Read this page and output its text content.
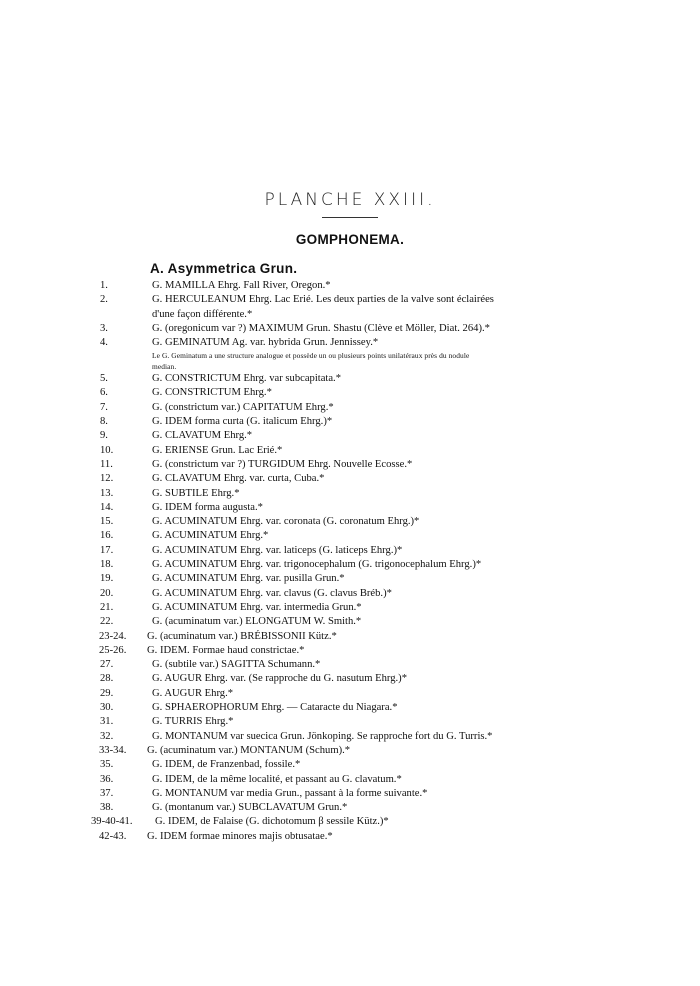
PLANCHE XXIII.
GOMPHONEMA.
A. Asymmetrica Grun.
1.	G. MAMILLA Ehrg. Fall River, Oregon.*
2.	G. HERCULEANUM Ehrg. Lac Erié. Les deux parties de la valve sont éclairées
d'une façon différente.*
3.	G. (oregonicum var ?) MAXIMUM Grun. Shastu (Clève et Möller, Diat. 264).*
4.	G. GEMINATUM Ag. var. hybrida Grun. Jennissey.*
Le G. Geminatum a une structure analogue et possède un ou plusieurs points unilatéraux près du nodule
median.
5.	G. CONSTRICTUM Ehrg. var subcapitata.*
6.	G. CONSTRICTUM Ehrg.*
7.	G. (constrictum var.) CAPITATUM Ehrg.*
8.	G. IDEM forma curta (G. italicum Ehrg.)*
9.	G. CLAVATUM Ehrg.*
10.	G. ERIENSE Grun. Lac Erié.*
11.	G. (constrictum var ?) TURGIDUM Ehrg. Nouvelle Ecosse.*
12.	G. CLAVATUM Ehrg. var. curta, Cuba.*
13.	G. SUBTILE Ehrg.*
14.	G. IDEM forma augusta.*
15.	G. ACUMINATUM Ehrg. var. coronata (G. coronatum Ehrg.)*
16.	G. ACUMINATUM Ehrg.*
17.	G. ACUMINATUM Ehrg. var. laticeps (G. laticeps Ehrg.)*
18.	G. ACUMINATUM Ehrg. var. trigonocephalum (G. trigonocephalum Ehrg.)*
19.	G. ACUMINATUM Ehrg. var. pusilla Grun.*
20.	G. ACUMINATUM Ehrg. var. clavus (G. clavus Bréb.)*
21.	G. ACUMINATUM Ehrg. var. intermedia Grun.*
22.	G. (acuminatum var.) ELONGATUM W. Smith.*
23-24.	G. (acuminatum var.) BRÉBISSONII Kütz.*
25-26.	G. IDEM. Formae haud constrictae.*
27.	G. (subtile var.) SAGITTA Schumann.*
28.	G. AUGUR Ehrg. var. (Se rapproche du G. nasutum Ehrg.)*
29.	G. AUGUR Ehrg.*
30.	G. SPHAEROPHORUM Ehrg. — Cataracte du Niagara.*
31.	G. TURRIS Ehrg.*
32.	G. MONTANUM var suecica Grun. Jönkoping. Se rapproche fort du G. Turris.*
33-34.	G. (acuminatum var.) MONTANUM (Schum).*
35.	G. IDEM, de Franzenbad, fossile.*
36.	G. IDEM, de la même localité, et passant au G. clavatum.*
37.	G. MONTANUM var media Grun., passant à la forme suivante.*
38.	G. (montanum var.) SUBCLAVATUM Grun.*
39-40-41. G. IDEM, de Falaise (G. dichotomum β sessile Kütz.)*
42-43.	G. IDEM formae minores majis obtusatae.*
